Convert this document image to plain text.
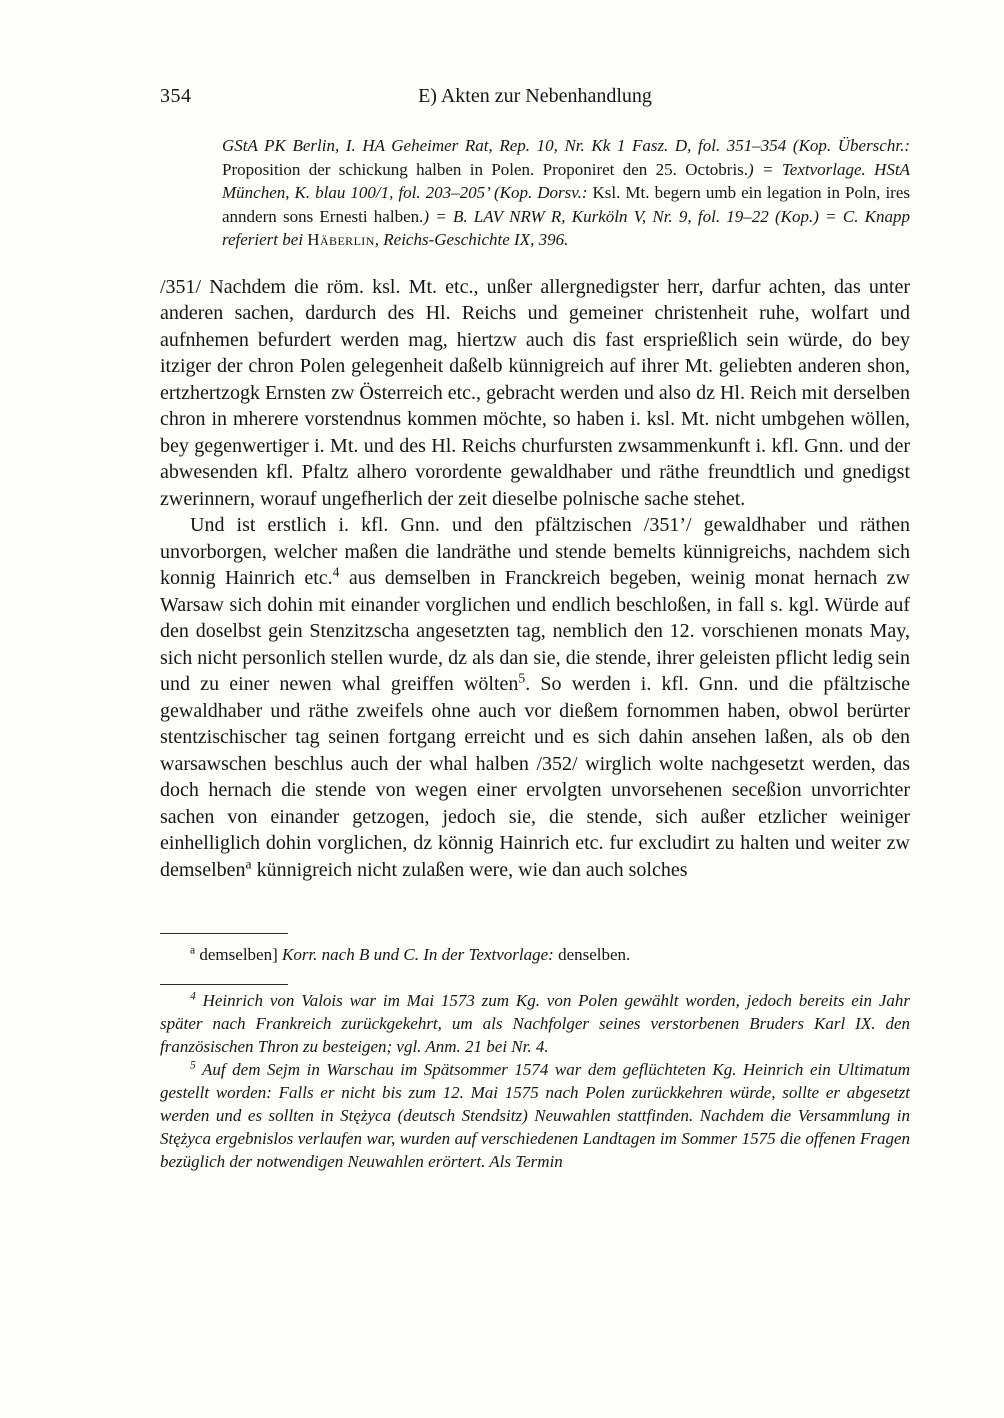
354	E) Akten zur Nebenhandlung
GStA PK Berlin, I. HA Geheimer Rat, Rep. 10, Nr. Kk 1 Fasz. D, fol. 351–354 (Kop. Überschr.: Proposition der schickung halben in Polen. Proponiret den 25. Octobris.) = Textvorlage. HStA München, K. blau 100/1, fol. 203–205’ (Kop. Dorsv.: Ksl. Mt. begern umb ein legation in Poln, ires anndern sons Ernesti halben.) = B. LAV NRW R, Kurköln V, Nr. 9, fol. 19–22 (Kop.) = C. Knapp referiert bei Häberlin, Reichs-Geschichte IX, 396.

/351/ Nachdem die röm. ksl. Mt. etc., unßer allergnedigster herr, darfur achten, das unter anderen sachen, dardurch des Hl. Reichs und gemeiner christenheit ruhe, wolfart und aufnhemen befurdert werden mag, hiertzw auch dis fast ersprießlich sein würde, do bey itziger der chron Polen gelegenheit daßelb künnigreich auf ihrer Mt. geliebten anderen shon, ertzhertzogk Ernsten zw Österreich etc., gebracht werden und also dz Hl. Reich mit derselben chron in mherere vorstendnus kommen möchte, so haben i. ksl. Mt. nicht umbgehen wöllen, bey gegenwertiger i. Mt. und des Hl. Reichs churfursten zwsammenkunft i. kfl. Gnn. und der abwesenden kfl. Pfaltz alhero vorordente gewaldhaber und räthe freundtlich und gnedigst zwerinnern, worauf ungefherlich der zeit dieselbe polnische sache stehet.

Und ist erstlich i. kfl. Gnn. und den pfältzischen /351’/ gewaldhaber und räthen unvorborgen, welcher maßen die landräthe und stende bemelts künnigreichs, nachdem sich konnig Hainrich etc.$^4$ aus demselben in Franckreich begeben, weinig monat hernach zw Warsaw sich dohin mit einander vorglichen und endlich beschloßen, in fall s. kgl. Würde auf den doselbst gein Stenzitzscha angesetzten tag, nemblich den 12. vorschienen monats May, sich nicht personlich stellen wurde, dz als dan sie, die stende, ihrer geleisten pflicht ledig sein und zu einer newen whal greiffen wölten$^5$. So werden i. kfl. Gnn. und die pfältzische gewaldhaber und räthe zweifels ohne auch vor dießem fornommen haben, obwol berürter stentzischischer tag seinen fortgang erreicht und es sich dahin ansehen laßen, als ob den warsawschen beschlus auch der whal halben /352/ wirglich wolte nachgesetzt werden, das doch hernach die stende von wegen einer ervolgten unvorsehenen seceßion unvorrichter sachen von einander getzogen, jedoch sie, die stende, sich außer etzlicher weiniger einhelliglich dohin vorglichen, dz könnig Hainrich etc. fur excludirt zu halten und weiter zw demselben$^a$ künnigreich nicht zulaßen were, wie dan auch solches

$^a$ demselben] Korr. nach B und C. In der Textvorlage: denselben.

$^4$ Heinrich von Valois war im Mai 1573 zum Kg. von Polen gewählt worden, jedoch bereits ein Jahr später nach Frankreich zurückgekehrt, um als Nachfolger seines verstorbenen Bruders Karl IX. den französischen Thron zu besteigen; vgl. Anm. 21 bei Nr. 4.

$^5$ Auf dem Sejm in Warschau im Spätsommer 1574 war dem geflüchteten Kg. Heinrich ein Ultimatum gestellt worden: Falls er nicht bis zum 12. Mai 1575 nach Polen zurückkehren würde, sollte er abgesetzt werden und es sollten in Stężyca (deutsch Stendsitz) Neuwahlen stattfinden. Nachdem die Versammlung in Stężyca ergebnislos verlaufen war, wurden auf verschiedenen Landtagen im Sommer 1575 die offenen Fragen bezüglich der notwendigen Neuwahlen erörtert. Als Termin
